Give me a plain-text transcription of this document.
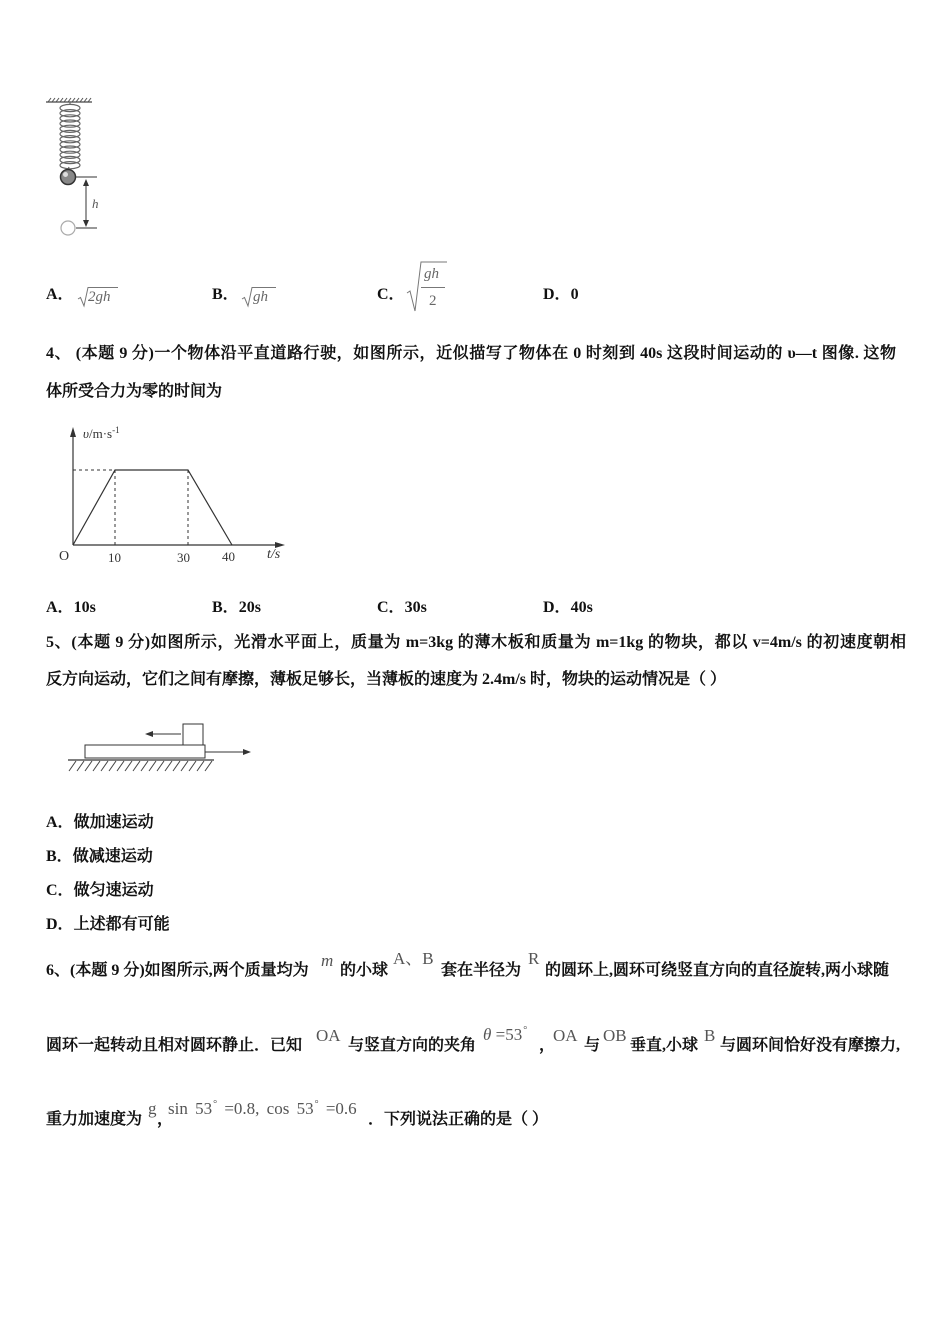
h
A． 2gh	B． gh	C．
gh
2	D．0
4、 (本题 9 分)一个物体沿平直道路行驶，如图所示，近似描写了物体在 0 时刻到 40s 这段时间运动的 υ—t 图像. 这物
体所受合力为零的时间为
$\upsilon/m\cdot s^{-1}$
O	10	30 40 t/s
A．10s	B．20s	C．30s	D．40s
5、(本题 9 分)如图所示，光滑水平面上，质量为 m=3kg 的薄木板和质量为 m=1kg 的物块，都以 v=4m/s 的初速度朝相
反方向运动，它们之间有摩擦，薄板足够长，当薄板的速度为 2.4m/s 时，物块的运动情况是（ ）
A．做加速运动
B．做减速运动
C．做匀速运动
D．上述都有可能
6、(本题 9 分)如图所示,两个质量均为
m
的小球
A、B
套在半径为
R
的圆环上,圆环可绕竖直方向的直径旋转,两小球随
圆环一起转动且相对圆环静止．已知
OA
与竖直方向的夹角
θ =53°
，
OA
与
OB
垂直,小球
B
与圆环间恰好没有摩擦力,
重力加速度为
g
，
sin 53° =0.8, cos 53° =0.6
．下列说法正确的是（ ）
